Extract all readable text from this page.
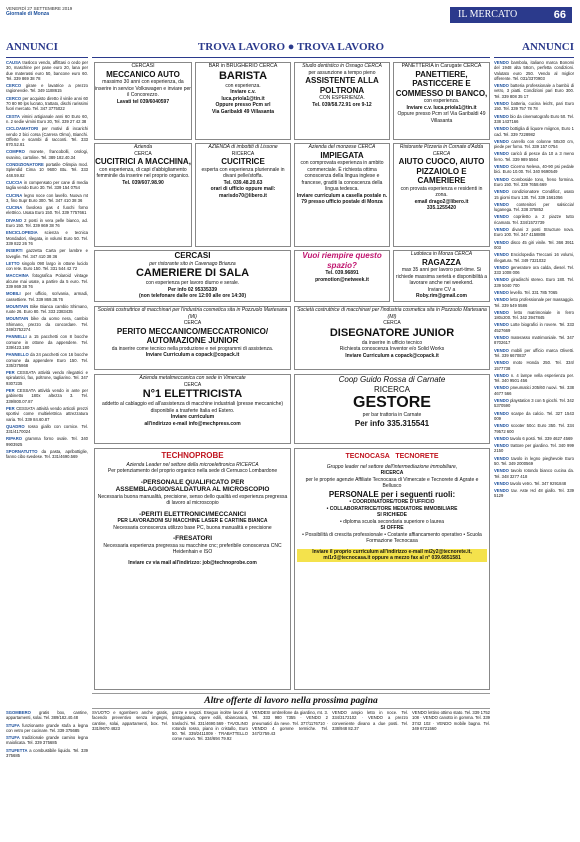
VENERDÌ 27 SETTEMBRE 2019
Giornale di Monza	IL MERCATO	66
ANNUNCI	TROVA LAVORO ● TROVA LAVORO	ANNUNCI

CAUSA trasloco vendo, affittasi o cedo per 30, maschine per pane euro 20, lana per due materassi euro 50, bancone euro 60. Tel. 339 869 38 78

CERCO girare e lavatrice a prezzo ragionevole. Tel. 349 1188615

CERCO per acquisto diretto il vinile anni 60 70 80 90 lps lucrato, trattato, dischi rarissimi fuori mercato. Tel. 347 3775022

CESTA vimini artigianale anni 60 Euro 60, n. 2 sedie vimini Euro 20, Tel. 339 27 42 38

CICLOAMATORI per motivi di incarichi vendo 2 bici corsa (Carrera Olmo), Bianchi. Offerte e scambi di racconti. Tel. 333 870.52.81

COMPRO monete, francobolli, orologi, svanino, cartoline. Tel. 389 182.40.34

CONDIZIONATORE portatile Olimpia mod. Splendid Cima 10 9600 Btu. Tel. 333 448.59.82

CUCCIA in compensato per cane di media taglia vendo Euro 30. Tel. 339 154 0754

CUCINA legno noce con lavello. Nuova mt 3, fino Supr Euro 300. Tel. 347 410 38 36

CUCINA favoloso gas 4 fuochi forno elettrico. Usata Euro 150. Tel. 339 7757661

DIVANO 2 posti in vera pelle bianco, ad. Euro 150. Tel. 339 869 38 76

ENCICLOPEDIA scienza e tecnica Mondadori, rilegata, in volumi Euro 50. Tel. 339 822 26 76

INSERTI gazzetta Carta per lambre e toveglie. Tel. 347 410 38 36

LETTO singolo 090 largo in ottone lucido con rete. Euro 150. Tel. 331 544 42 72

MACCHINA fotografica Polaroid vintage alcune mai usate, a partire da 5 euro. Tel. 339 869 38 76

MOBILI per ufficio, scrivania, armadi, cassettiere. Tel. 339 869.38.76

MOUNTAIN Bike Bianca cambio Shimano, ruote 26. Euro 80. Tel. 333 2383435

MOUNTAIN bike da uomo nera, cambio Shimano, prezzo da concordare. Tel. 349/3752274

PANNELLI a 15 pacchetti con 8 bocche comune in ottone da appendere. Tel. 339/423.180

PANNELLO da 24 pacchetti con 16 bocche comune da appendere Euro 150. Tel. 335/375868

PER CESSATA attività vendo rilegatrici e spiralatrici, fax, poltrone, tagliarino. Tel. 347 9307235

PER CESSATA attività vendo in ante per gabinetto 180x altezza 3. Tel. 339/800.07.87

PER CESSATA attività vendo articoli prezzi sportivi come multielettrica attrezzatura varia. Tel. 339 84.60.87

QUADRO rosso giallo con cornice. Tel. 331/4170024

RIPARO gramma forno ovale. Tel. 340 9903925

SPORNATUTTO da pasta, apribottiglie, fanno cibo svedese. Tel. 331/4690.569

VENDO bambola, italiano marca Bonomi del 1948 alta 58cm, perfetta condizioni. Valutato euro 250. Vendo al miglior offerente. Tel. 031/3370903

VENDO batteria professionale a bambù di vetro, 3 piatti. Condizioni pari Euro 300. Tel. 339 808 35 17

VENDO batteria, cucina leicht, pari Euro 150. Tel. 339 757 78 78

VENDO bio da cinematografo Euro 50. Tel. 338 1437166

VENDO bottiglia di liquore miignon, Euro 1 cad. Tel. 339 7228982

VENDO carrello con colonne 50x30 cm, piede per forno. Tel. 339 157 0754

VENDO caricò di pesce da 10 a 3 meno ferro. Tel. 339 989 5564

VENDO Cicerno Neleva, 40-90 psi pedale bici. Euro 10.00. Tel. 340 9690549

VENDO Comboside tono, freno formina. Euro 150. Tel. 339 7658.669

VENDO condizionatore Condifioz, usato 15 giorni Euro 130. Tel. 339 1561056

VENDO contenitori per salsiccia/ luganega. Tel. 338 375852

VENDO copriletto a 2 piazze tutto ricamato. Tel. 334/1572739

VENDO divani 2 posti Structure nova. Euro 100. Tel. 347 4158808

VENDO disco 45 giri vinile. Tel. 366 3911 003

VENDO Enciclopedia Treccani 16 volumi, rilegatura. Tel. 349 7321032

VENDO generatore ora calda, diesel. Tel. 333 1008 006

VENDO giradischi stereo. Euro 180. Tel. 339 5040 700

VENDO levello. Tel. 331 785 7065

VENDO letto professionale per massaggio. Tel. 339 549 5586

VENDO letto matrimoniale in ferro 180x200. Tel. 342 3947845

VENDO Lotte biografici in rovere. Tel. 333 4527669

VENDO materasso matrimoniale. Tel. 347 8702617

VENDO mobili per ufficio marca Olivetti. Tel. 339 6670837

VENDO moto Honda 250. Tel. 334/ 1577738

VENDO n. 4 lampe vella esperienza per. Tel. 340 9501 456

VENDO pneumatici 205/60 nuovi. Tel. 338 4677 566

VENDO playstation 3 con 5 giochi. Tel. 342 5370590

VENDO scarpe da calcio. Tel. 327 1543 009

VENDO scooter 50cc Euro 350. Tel. 334 79572 600

VENDO tavolo 6 posti. Tel. 339 4627 4569

VENDO trattore per giardino. Tel. 340 999 2150

VENDO tavolo in legno pieghevole Euro 50. Tel. 349 2000569

VENDO tavolo rotondo bianco cucina da. Tel. 348 3277 418

VENDO tavolo vetro. Tel. 347 9291848

VENDO tav. Aste Hd 48 giallo. Tel. 339 5129

CERCASI
MECCANICO AUTO
massimo 30 anni con esperienza, da inserire in service Volkswagen e inviare per il Concorezzo.
Lavati tel 039/6040597
BAR in BRUGHERIO CERCA
BARISTA
con esperienza.
Inviare c.v.
luca.priola1@tin.it
Oppure presso Pcm srl
Via Garibaldi 49 Villasanta
Studio dentistico in Osnago CERCA
per assunzione a tempo pieno
ASSISTENTE ALLA POLTRONA
CON ESPERIENZA.
Tel. 039/58.72.91 ore 9-12
PANETTERIA in Carugate CERCA
PANETTIERE, PASTICCERE E COMMESSO DI BANCO,
con esperienza.
Inviare c.v. luca.priola1@tin.it
Oppure presso Pcm srl Via Garibaldi 49 Villasanta
Azienda
CERCA
CUCITRICI A MACCHINA,
con esperienza, di capi d'abbigliamento femminile da inserire nel proprio organico.
Tel. 039/607.98.90
AZIENDA di imbottiti di Lissone
RICERCA
CUCITRICE
esperta con esperienza pluriennale in divani pelle/stoffa.
Tel. 039.48.20.63
orari di ufficio oppure mail: marisdo70@libero.it
Azienda del monzese CERCA
IMPIEGATA
con comprovata esperienza in ambito commerciale. È richiesta ottima conoscenza della lingua inglese e francese, graditi la conoscenza della lingua tedesca.
Inviare curriculum a casella postale n. 79 presso ufficio postale di Monza
Ristorante Pizzeria in Cornate d'Adda CERCA
AIUTO CUOCO, AIUTO PIZZAIOLO E CAMERIERE
con provata esperienza e residenti in zona.
email drago2@libero.it
335.1255420
CERCASI
per ristorante sito in Cavenago Brianza
CAMERIERE DI SALA
con esperienza per lavoro diurno e serale.
Per info 02 95335339
(non telefonare dalle ore 12:00 alle ore 14:30)
Vuoi riempire questo spazio?
Tel. 039.96891
promotion@netweek.it
Ludoteca in Monza CERCA
RAGAZZA
max 35 anni per lavoro part-time. Si richiede massima serietà e disponibilità a lavorare anche nei weekend.
Inviare CV a
Roby.rim@gmail.com
Società costruttrice di macchinari per l'industria cosmetica sita in Pozzuolo Martesana (MI)
CERCA
PERITO MECCANICO/MECCATRONICO/ AUTOMAZIONE JUNIOR
da inserire come tecnico nella produzione e nei programmi di assistenza.
Inviare Curriculum a copack@copack.it
Società costruttrice di macchinari per l'industria cosmetica sita in Pozzuolo Martesana (MI)
CERCA
DISEGNATORE JUNIOR
da inserire in ufficio tecnico
Richiesta conoscenza Inventor e/o Solid Works
Inviare Curriculum a copack@copack.it
Azienda metalmeccanica con sede in Vimercate
CERCA
N°1 ELETTRICISTA
addetto al cablaggio ed all'assistenza di macchine industriali (presse meccaniche) disponibile a trasferte Italia ed Estero.
Inviare curriculum
all'indirizzo e-mail info@mechpress.com
Coop Guido Rossa di Carnate
RICERCA
GESTORE
per bar trattoria in Carnate
Per info 335.315541
TECHNOPROBE
Azienda Leader nel settore della microelettronica RICERCA
Per potenziamento del proprio organico nella sede di Cernusco Lombardone
-PERSONALE QUALIFICATO PER ASSEMBLAGGIO/SALDATURA AL MICROSCOPIO
Necessaria buona manualità, precisione, senso dello qualità ed esperienza pregressa di lavoro al microscopio
-PERITI ELETTRONICI/MECCANICI
PER LAVORAZIONI SU MACCHINE LASER E CARTINE BIANCA
Necessaria conoscenza utilizzo base PC, buona manualità e precisione
-FRESATORI
Necessaria esperienza pregressa su macchine cnc; preferibile conoscenza CNC Heidenhain e ISO
Inviare cv via mail all'indirizzo: job@technoprobe.com
TECNOCASA TECNORETE
Gruppo leader nel settore dell'intermediazione immobiliare,
RICERCA
per le proprie agenzie Affiliate Tecnocasa di Vimercate e Tecnorete di Agrate e Bellusco
PERSONALE per i seguenti ruoli:
• COORDINATORE/TORE D'UFFICIO
• COLLABORATRICE/TORE MEDIATORE IMMOBILIARE
SI RICHIEDE
• diploma scuola secondaria superiore o laurea
SI OFFRE
• Possibilità di crescita professionale • Costante affiancamento operativo • Scuola Formazione Tecnocasa
Inviare il proprio curriculum all'indirizzo e-mail mi2y2@tecnorete.it, mi1r3@tecnocasa.it oppure a mezzo fax al n° 039.6851581
Altre offerte di lavoro nella prossima pagina

SGOMBERO gratis box, cantine, appartamenti, solai. Tel. 389/182.40.48

STUFA funzionante grande stufa a legna con vetro per cucinare. Tel. 339 375685

STUFA tradizionale grande camino legna maiolicata. Tel. 339 375685

STUFETTA a combustibile liquido. Tel. 339 375685

SVUOTO e sgombero anche gratis, facendo preventivo senza impegni, cantine, solai, appartamenti, box. Tel. 331/9670 4823
gazze e negozi. Eseguo inoltre lavori di tinteggiatura, opere edili, sbiancatura, traslochi. Tel. 331/4690.569 · TAVOLINO rotondo rosso, piano in cristallo, Euro 50. Tel. 339/2411009 · TRABATTELLO come nuovo. Tel. 334/694 79.92
VENDESI ombrellone da giardino, mt. 3. Tel. 333 980 7355 · VENDO 2 pneumatici da neve. Tel. 377/1176710 · VENDO 4 gomme termiche. Tel. 347/2759.43
VENDO ampio letto in noce. Tel. 334/3172102 · VENDO a prezzo conveniente divano a due posti. Tel. 338/948 82.37
VENDO lettino ottimo stato. Tel. 339 1752 108 · VENDO canotto in gomma. Tel. 339 3742 102 · VENDO mobile bagno. Tel. 349 6721560
